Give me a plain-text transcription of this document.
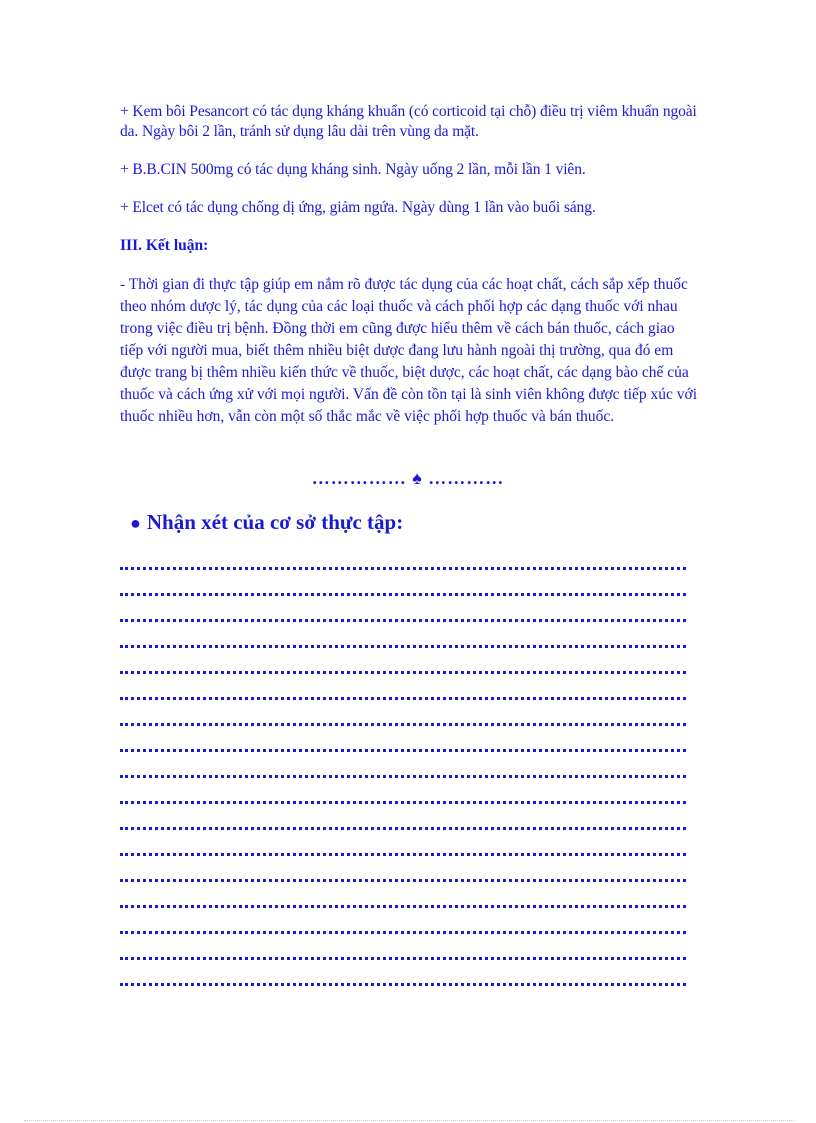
+ Kem bôi Pesancort có tác dụng kháng khuẩn (có corticoid tại chỗ) điều trị viêm khuẩn ngoài da. Ngày bôi 2 lần, tránh sử dụng lâu dài trên vùng da mặt.

+ B.B.CIN 500mg có tác dụng kháng sinh. Ngày uống 2 lần, mỗi lần 1 viên.

+ Elcet có tác dụng chống dị ứng, giảm ngứa. Ngày dùng 1 lần vào buổi sáng.

III. Kết luận:

- Thời gian đi thực tập giúp em nắm rõ được tác dụng của các hoạt chất, cách sắp xếp thuốc theo nhóm dược lý, tác dụng của các loại thuốc và cách phối hợp các dạng thuốc với nhau trong việc điều trị bệnh. Đồng thời em cũng được hiểu thêm về cách bán thuốc, cách giao tiếp với người mua, biết thêm nhiều biệt dược đang lưu hành ngoài thị trường, qua đó em được trang bị thêm nhiều kiến thức về thuốc, biệt dược, các hoạt chất, các dạng bào chế của thuốc và cách ứng xử với mọi người. Vấn đề còn tồn tại là sinh viên không được tiếp xúc với thuốc nhiều hơn, vẫn còn một số thắc mắc về việc phối hợp thuốc và bán thuốc.

…………… ♠ …………
● Nhận xét của cơ sở thực tập:
